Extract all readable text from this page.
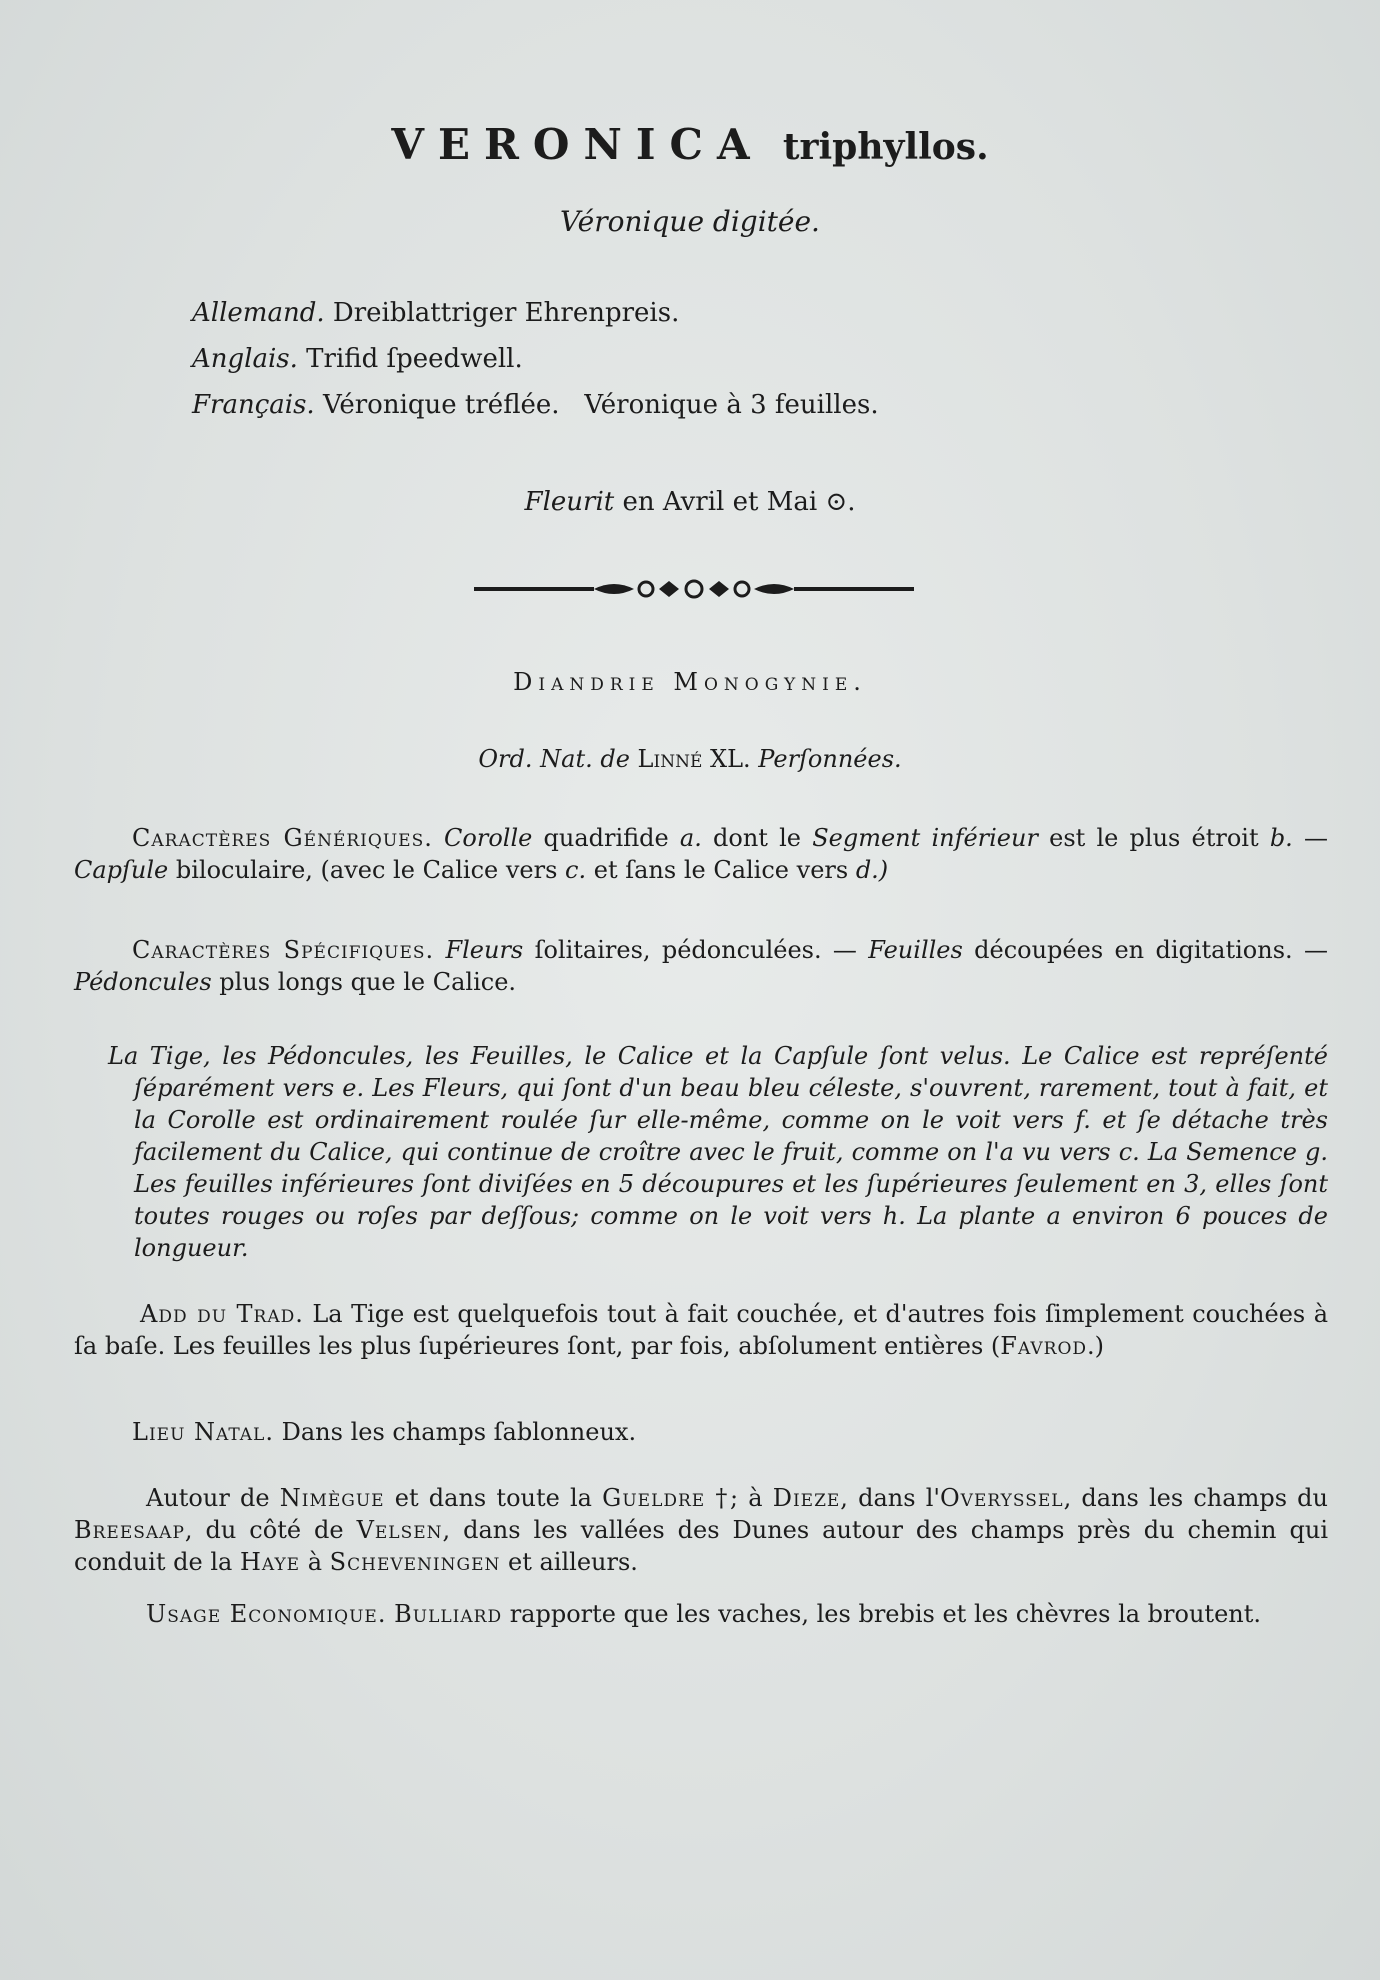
VERONICA triphyllos.
Véronique digitée.
Allemand. Dreiblattriger Ehrenpreis.
Anglais. Trifid ſpeedwell.
Français. Véronique tréflée.   Véronique à 3 feuilles.
Fleurit en Avril et Mai ⊙.
Diandrie Monogynie.
Ord. Nat. de Linné XL. Perſonnées.
Caractères Génériques. Corolle quadrifide a. dont le Segment inférieur est le plus étroit b. — Capſule biloculaire, (avec le Calice vers c. et ſans le Calice vers d.)
Caractères Spécifiques. Fleurs ſolitaires, pédonculées. — Feuilles découpées en digitations. — Pédoncules plus longs que le Calice.
La Tige, les Pédoncules, les Feuilles, le Calice et la Capſule ſont velus. Le Calice est repréſenté ſéparément vers e. Les Fleurs, qui ſont d'un beau bleu céleste, s'ouvrent, rarement, tout à fait, et la Corolle est ordinairement roulée ſur elle-même, comme on le voit vers f. et ſe détache très facilement du Calice, qui continue de croître avec le fruit, comme on l'a vu vers c. La Semence g. Les feuilles inférieures ſont diviſées en 5 découpures et les ſupérieures ſeulement en 3, elles ſont toutes rouges ou roſes par deſſous; comme on le voit vers h. La plante a environ 6 pouces de longueur.
Add du Trad. La Tige est quelquefois tout à fait couchée, et d'autres fois ſimplement couchées à ſa baſe. Les feuilles les plus ſupérieures ſont, par fois, abſolument entières (Favrod.)
Lieu Natal. Dans les champs ſablonneux.
Autour de Nimègue et dans toute la Gueldre †; à Dieze, dans l'Overyssel, dans les champs du Breesaap, du côté de Velsen, dans les vallées des Dunes autour des champs près du chemin qui conduit de la Haye à Scheveningen et ailleurs.
Usage Economique. Bulliard rapporte que les vaches, les brebis et les chèvres la broutent.
